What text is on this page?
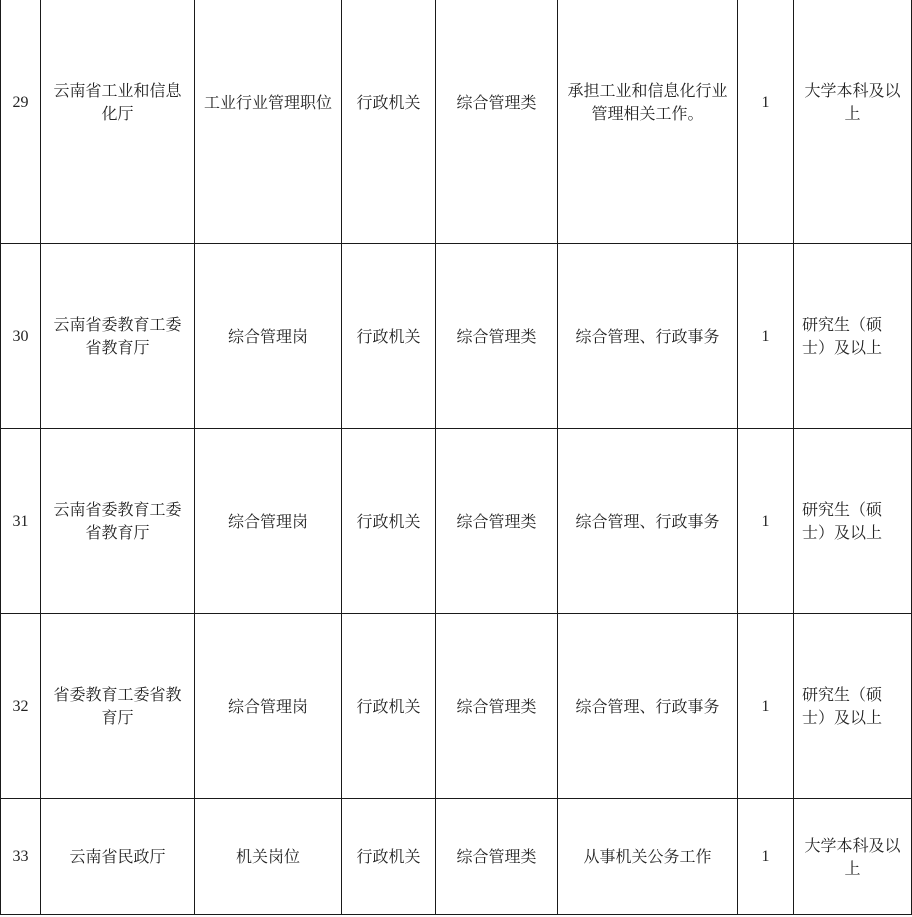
29	云南省工业和信息化厅	工业行业管理职位	行政机关	综合管理类	承担工业和信息化行业管理相关工作。	1	大学本科及以上
30	云南省委教育工委省教育厅	综合管理岗	行政机关	综合管理类	综合管理、行政事务	1	研究生（硕士）及以上
31	云南省委教育工委省教育厅	综合管理岗	行政机关	综合管理类	综合管理、行政事务	1	研究生（硕士）及以上
32	省委教育工委省教育厅	综合管理岗	行政机关	综合管理类	综合管理、行政事务	1	研究生（硕士）及以上
33	云南省民政厅	机关岗位	行政机关	综合管理类	从事机关公务工作	1	大学本科及以上
